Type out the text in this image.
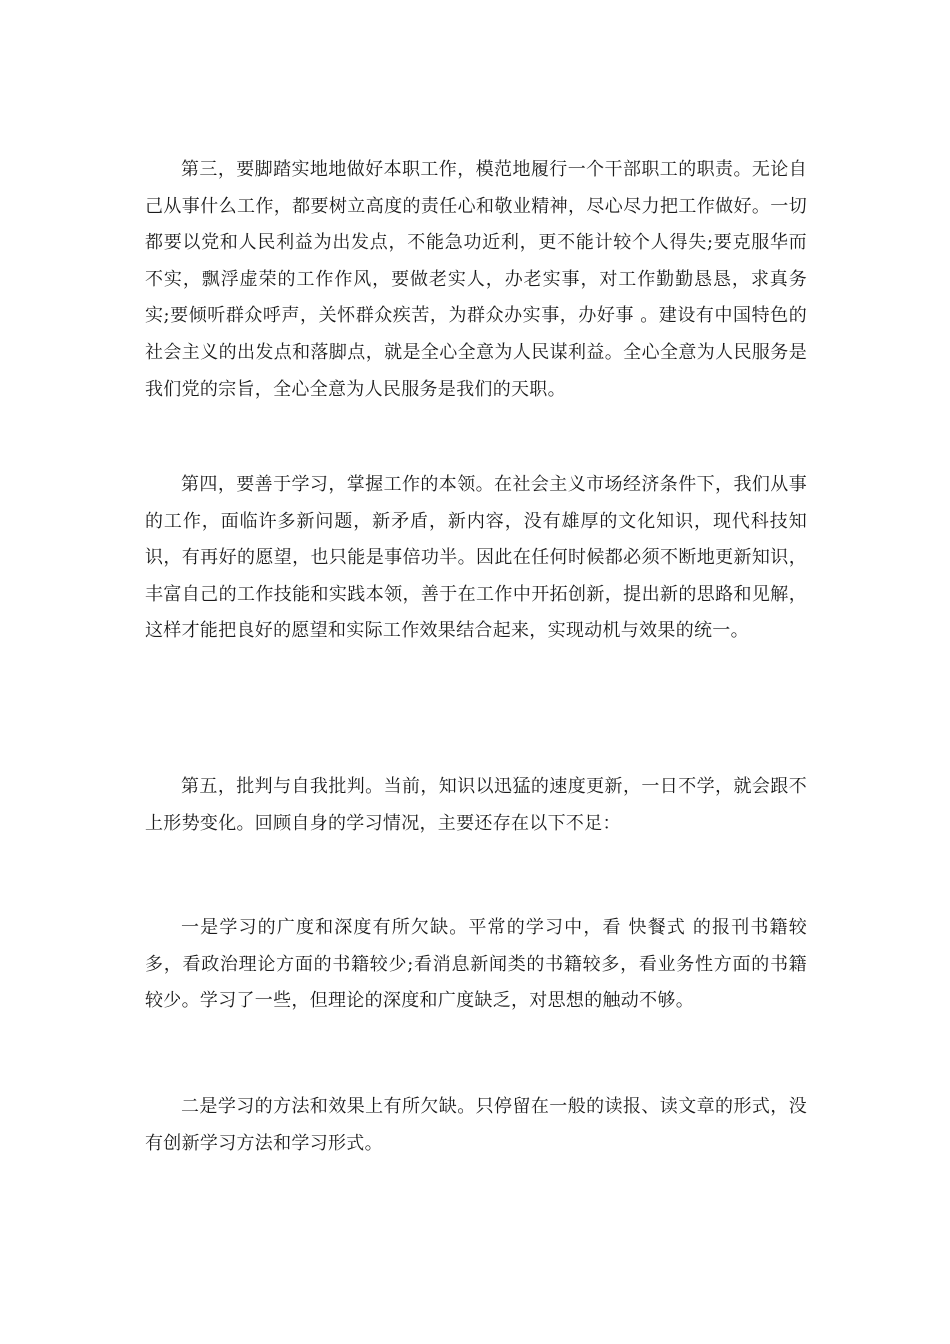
第三，要脚踏实地地做好本职工作，模范地履行一个干部职工的职责。无论自己从事什么工作，都要树立高度的责任心和敬业精神，尽心尽力把工作做好。一切都要以党和人民利益为出发点，不能急功近利，更不能计较个人得失;要克服华而不实，飘浮虚荣的工作作风，要做老实人，办老实事，对工作勤勤恳恳，求真务实;要倾听群众呼声，关怀群众疾苦，为群众办实事，办好事 。建设有中国特色的社会主义的出发点和落脚点，就是全心全意为人民谋利益。全心全意为人民服务是我们党的宗旨，全心全意为人民服务是我们的天职。

第四，要善于学习，掌握工作的本领。在社会主义市场经济条件下，我们从事的工作，面临许多新问题，新矛盾，新内容，没有雄厚的文化知识，现代科技知识，有再好的愿望，也只能是事倍功半。因此在任何时候都必须不断地更新知识，丰富自己的工作技能和实践本领，善于在工作中开拓创新，提出新的思路和见解，这样才能把良好的愿望和实际工作效果结合起来，实现动机与效果的统一。

第五，批判与自我批判。当前，知识以迅猛的速度更新，一日不学，就会跟不上形势变化。回顾自身的学习情况，主要还存在以下不足：

一是学习的广度和深度有所欠缺。平常的学习中，看 快餐式 的报刊书籍较多，看政治理论方面的书籍较少;看消息新闻类的书籍较多，看业务性方面的书籍较少。学习了一些，但理论的深度和广度缺乏，对思想的触动不够。

二是学习的方法和效果上有所欠缺。只停留在一般的读报、读文章的形式，没有创新学习方法和学习形式。
